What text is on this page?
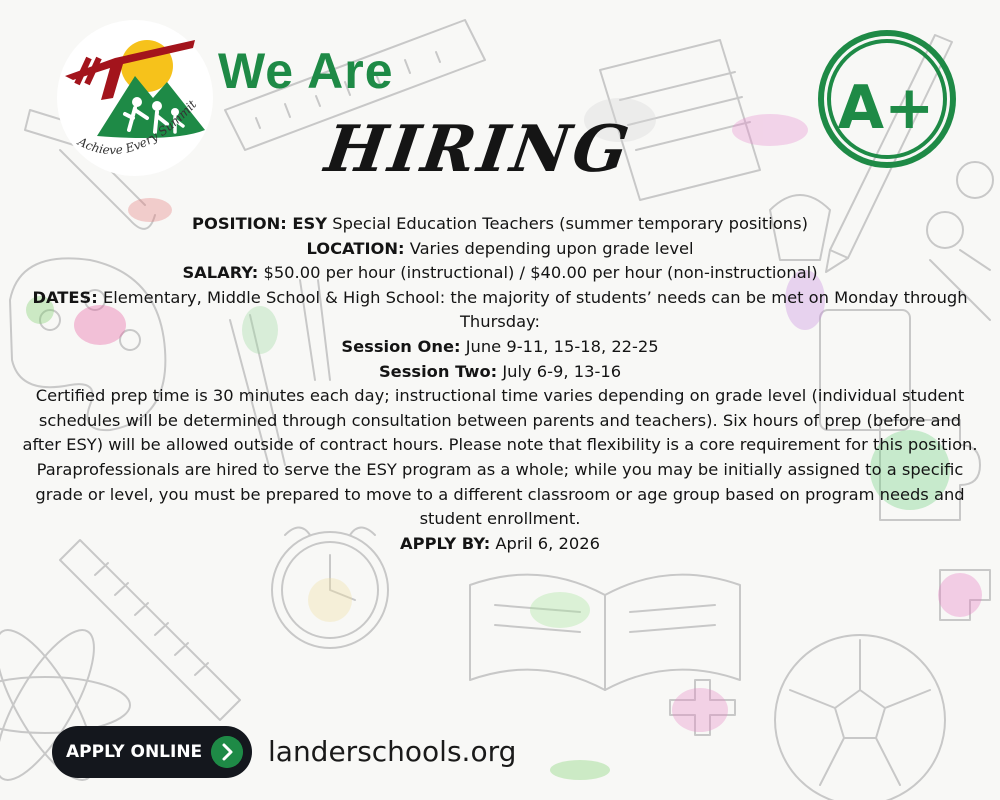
Achieve Every Summit
We Are
HIRING
A+

POSITION: ESY Special Education Teachers (summer temporary positions)

LOCATION: Varies depending upon grade level

SALARY: $50.00 per hour (instructional) / $40.00 per hour (non-instructional)

DATES: Elementary, Middle School & High School: the majority of students’ needs can be met on Monday through Thursday:

Session One: June 9-11, 15-18, 22-25

Session Two: July 6-9, 13-16

Certified prep time is 30 minutes each day; instructional time varies depending on grade level (individual student schedules will be determined through consultation between parents and teachers). Six hours of prep (before and after ESY) will be allowed outside of contract hours. Please note that flexibility is a core requirement for this position.

Paraprofessionals are hired to serve the ESY program as a whole; while you may be initially assigned to a specific grade or level, you must be prepared to move to a different classroom or age group based on program needs and student enrollment.

APPLY BY: April 6, 2026

APPLY ONLINE	landerschools.org
